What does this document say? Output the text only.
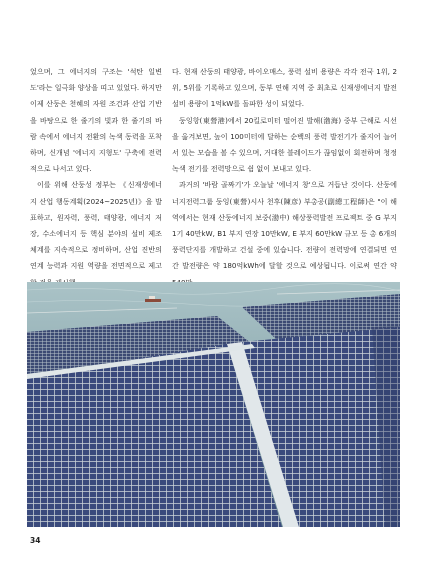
었으며, 그 에너지의 구조는 '석탄 일변도'라는 일극화 양상을 띠고 있었다. 하지만 이제 산둥은 천혜의 자원 조건과 산업 기반을 바탕으로 한 줄기의 빛과 한 줄기의 바람 속에서 에너지 전환의 녹색 동력을 포착하며, 신개념 '에너지 지형도' 구축에 전력적으로 나서고 있다.

이를 위해 산둥성 정부는 《신재생에너지 산업 행동계획(2024~2025년)》을 발표하고, 원자력, 풍력, 태양광, 에너지 저장, 수소에너지 등 핵심 분야의 설비 제조 체계를 지속적으로 정비하며, 산업 진반의 연계 능력과 지원 역량을 전면적으로 제고

다. 현재 산둥의 태양광, 바이오매스, 풍력 설비 용량은 각각 전국 1위, 2위, 5위를 기록하고 있으며, 동부 연해 지역 중 최초로 신재생에너지 발전 설비 용량이 1억kW를 돌파한 성이 되었다.

둥잉항(東營港)에서 20킬로미터 떨어진 발해(渤海) 중부 근해로 시선을 옮겨보면, 높이 100미터에 달하는 순백의 풍력 발전기가 줄지어 늘어서 있는 모습을 볼 수 있으며, 거대한 블레이드가 끊임없이 회전하며 청정 녹색 전기를 전력망으로 쉼 없이 보내고 있다.

과거의 '바람 골짜기'가 오늘날 '에너지 창'으로 거듭난 것이다. 산둥에너지전력그룹 둥잉(東營)시사 천후(陳彦) 부총공(副總工程師)은 "이 해역에서는 현재 산둥에너지 보중(渤中) 해상풍력발전 프로젝트 중 G 부지 1기 40만kW, B1 부지 연장 10만kW, E 부지 60만kW 규모 등 총 6개의 풍력단지를 개발하고 건설 중에 있습니다. 전량이 전력망에 연결되면 연간 발전량은 약 180억kWh에 달할 것으로 예상됩니다. 이로써 연간 약

34
